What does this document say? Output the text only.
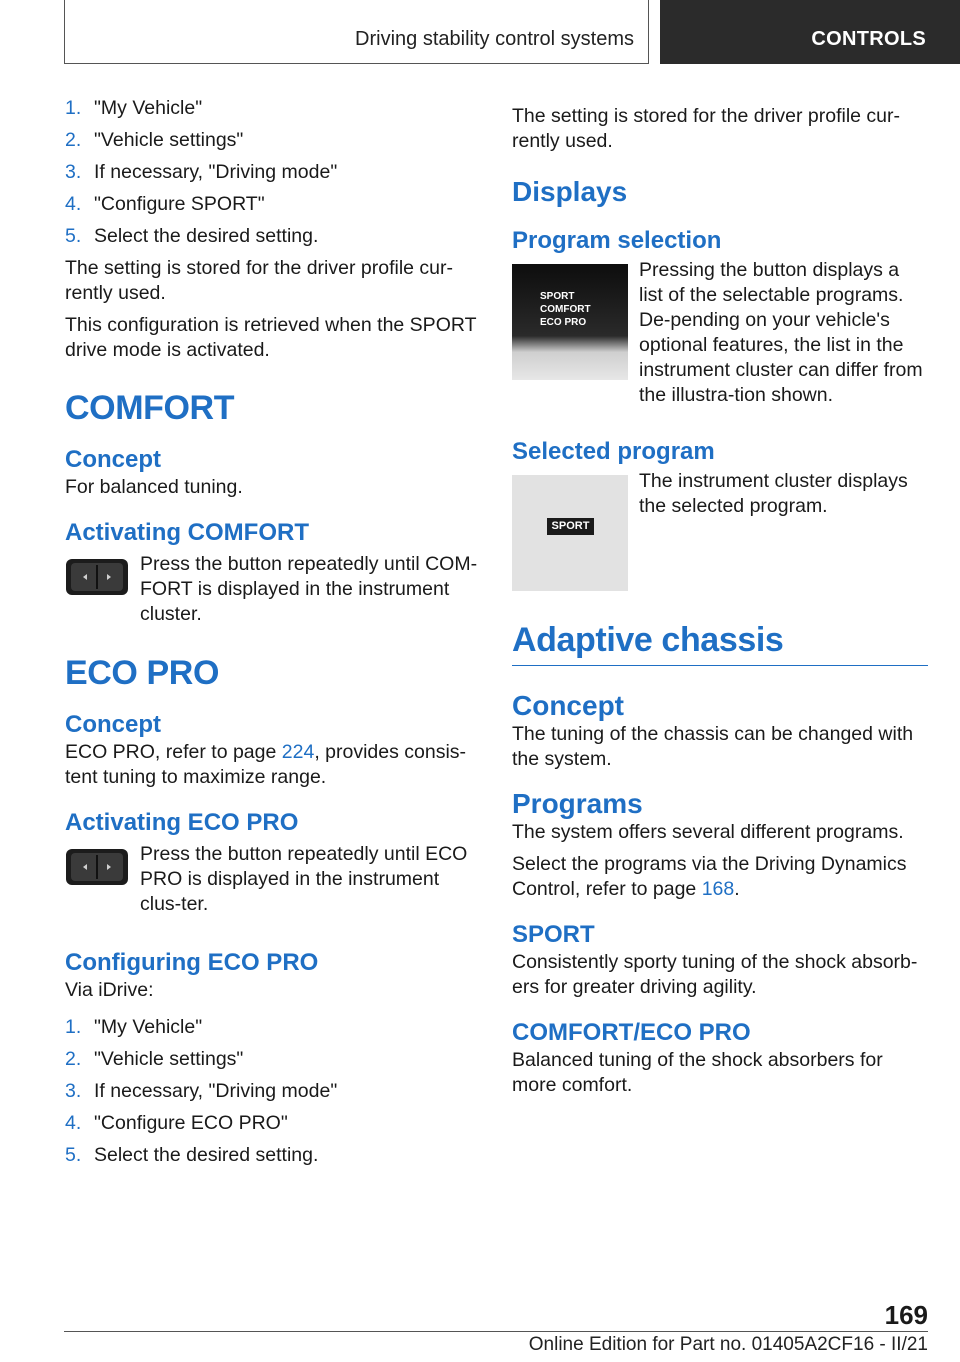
Driving stability control systems	CONTROLS
1. "My Vehicle"
2. "Vehicle settings"
3. If necessary, "Driving mode"
4. "Configure SPORT"
5. Select the desired setting.

The setting is stored for the driver profile cur-rently used.

This configuration is retrieved when the SPORT drive mode is activated.

COMFORT
Concept

For balanced tuning.

Activating COMFORT

Press the button repeatedly until COM-FORT is displayed in the instrument cluster.

ECO PRO
Concept

ECO PRO, refer to page 224, provides consis-tent tuning to maximize range.

Activating ECO PRO

Press the button repeatedly until ECO PRO is displayed in the instrument clus-ter.

Configuring ECO PRO

Via iDrive:

1. "My Vehicle"
2. "Vehicle settings"
3. If necessary, "Driving mode"
4. "Configure ECO PRO"
5. Select the desired setting.

The setting is stored for the driver profile cur-rently used.

Displays
Program selection
SPORT
COMFORT
ECO PRO

Pressing the button displays a list of the selectable programs. De-pending on your vehicle's optional features, the list in the instrument cluster can differ from the illustra-tion shown.

Selected program
SPORT

The instrument cluster displays the selected program.

Adaptive chassis
Concept

The tuning of the chassis can be changed with the system.

Programs

The system offers several different programs.

Select the programs via the Driving Dynamics Control, refer to page 168.

SPORT

Consistently sporty tuning of the shock absorb-ers for greater driving agility.

COMFORT/ECO PRO

Balanced tuning of the shock absorbers for more comfort.

169
Online Edition for Part no. 01405A2CF16 - II/21
